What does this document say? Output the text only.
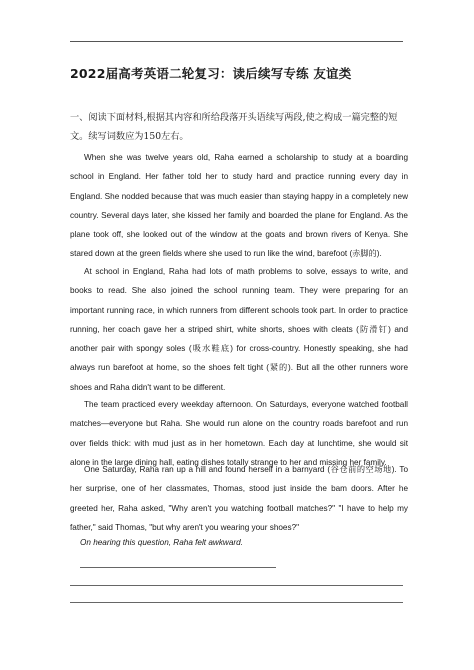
2022届高考英语二轮复习：读后续写专练 友谊类
一、阅读下面材料,根据其内容和所给段落开头语续写两段,使之构成一篇完整的短文。续写词数应为150左右。
When she was twelve years old, Raha earned a scholarship to study at a boarding school in England. Her father told her to study hard and practice running every day in England. She nodded because that was much easier than staying happy in a completely new country. Several days later, she kissed her family and boarded the plane for England. As the plane took off, she looked out of the window at the goats and brown rivers of Kenya. She stared down at the green fields where she used to run like the wind, barefoot (赤脚的).
At school in England, Raha had lots of math problems to solve, essays to write, and books to read. She also joined the school running team. They were preparing for an important running race, in which runners from different schools took part. In order to practice running, her coach gave her a striped shirt, white shorts, shoes with cleats (防滑钉) and another pair with spongy soles (吸水鞋底) for cross-country. Honestly speaking, she had always run barefoot at home, so the shoes felt tight (紧的). But all the other runners wore shoes and Raha didn't want to be different.
The team practiced every weekday afternoon. On Saturdays, everyone watched football matches—everyone but Raha. She would run alone on the country roads barefoot and run over fields thick: with mud just as in her hometown. Each day at lunchtime, she would sit alone in the large dining hall, eating dishes totally strange to her and missing her family.
One Saturday, Raha ran up a hill and found herself in a barnyard (谷仓前的空场地). To her surprise, one of her classmates, Thomas, stood just inside the bam doors. After he greeted her, Raha asked, "Why aren't you watching football matches?" "I have to help my father," said Thomas, "but why aren't you wearing your shoes?"
On hearing this question, Raha felt awkward.
